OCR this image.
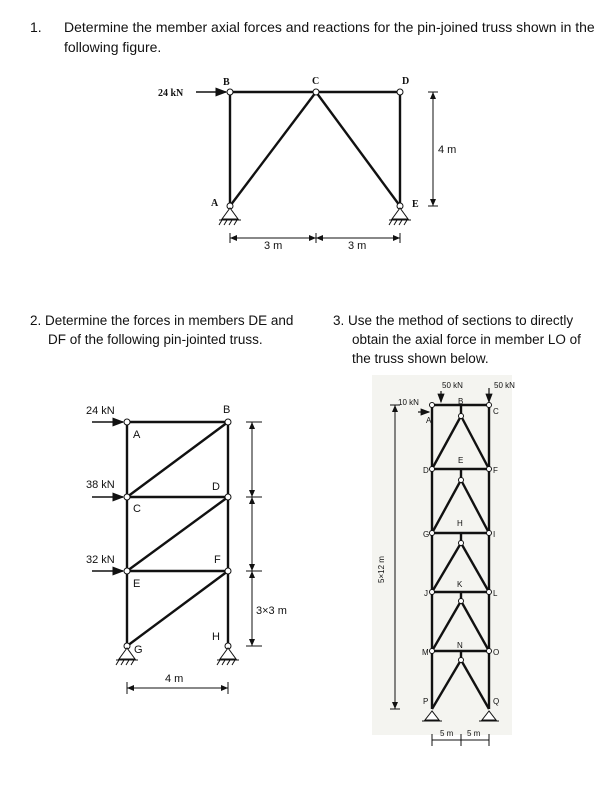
1. Determine the member axial forces and reactions for the pin-joined truss shown in the
following figure.
2. Determine the forces in members DE and
DF of the following pin-jointed truss.
3. Use the method of sections to directly
obtain the axial force in member LO of
the truss shown below.
24 kN
B	C	D
A	E
4 m
3 m	3 m
24 kN
38 kN
32 kN
A
C
E
G
B
D
F
H
3×3 m
4 m
10 kN
50 kN	50 kN
A
D
G
J
M
P
B
E
H
K
N
C
F
I
L
O
Q
5×12 m
5 m 5 m
